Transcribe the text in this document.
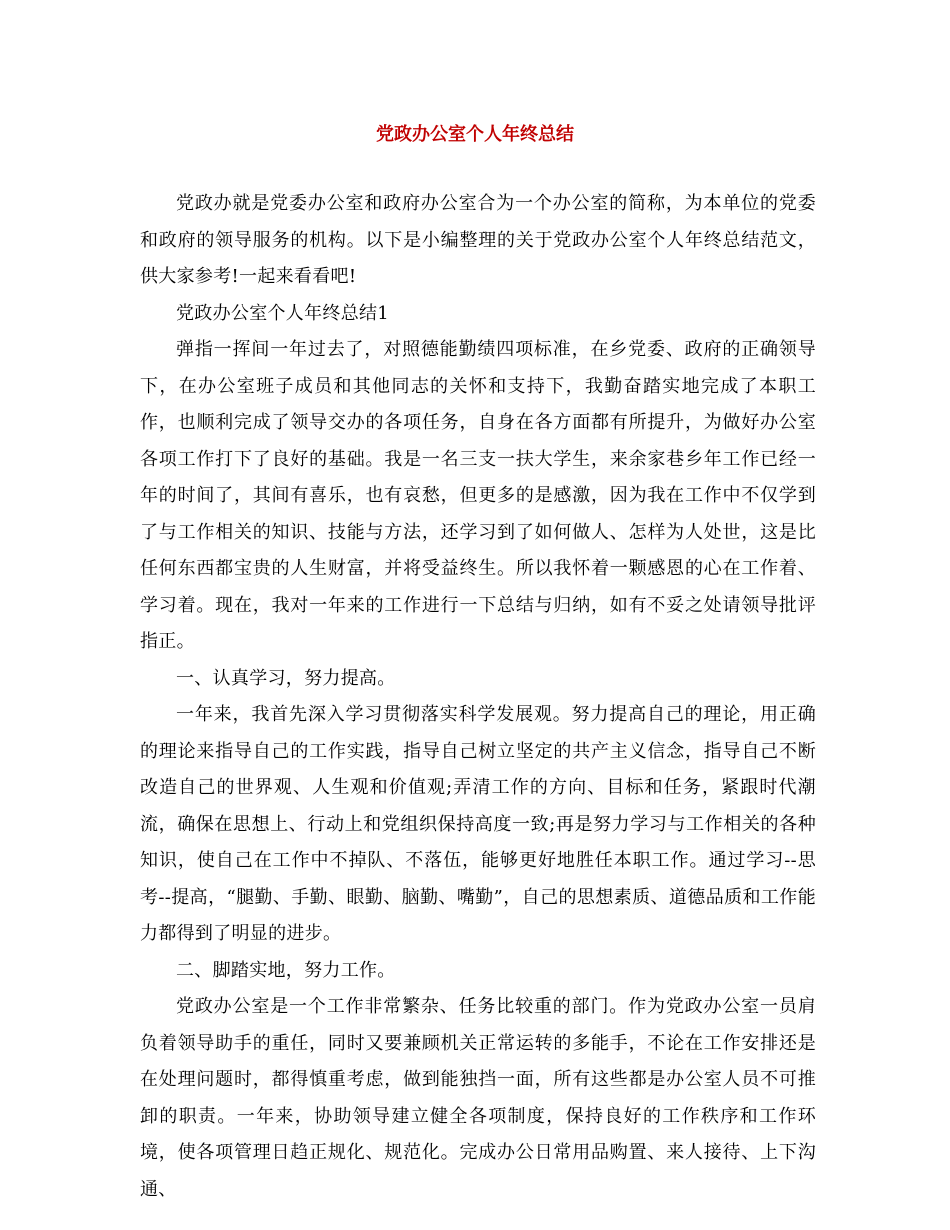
党政办公室个人年终总结

党政办就是党委办公室和政府办公室合为一个办公室的简称，为本单位的党委和政府的领导服务的机构。以下是小编整理的关于党政办公室个人年终总结范文，供大家参考!一起来看看吧!

党政办公室个人年终总结1

弹指一挥间一年过去了，对照德能勤绩四项标准，在乡党委、政府的正确领导下，在办公室班子成员和其他同志的关怀和支持下，我勤奋踏实地完成了本职工作，也顺利完成了领导交办的各项任务，自身在各方面都有所提升，为做好办公室各项工作打下了良好的基础。我是一名三支一扶大学生，来余家巷乡年工作已经一年的时间了，其间有喜乐，也有哀愁，但更多的是感激，因为我在工作中不仅学到了与工作相关的知识、技能与方法，还学习到了如何做人、怎样为人处世，这是比任何东西都宝贵的人生财富，并将受益终生。所以我怀着一颗感恩的心在工作着、学习着。现在，我对一年来的工作进行一下总结与归纳，如有不妥之处请领导批评指正。

一、认真学习，努力提高。

一年来，我首先深入学习贯彻落实科学发展观。努力提高自己的理论，用正确的理论来指导自己的工作实践，指导自己树立坚定的共产主义信念，指导自己不断改造自己的世界观、人生观和价值观;弄清工作的方向、目标和任务，紧跟时代潮流，确保在思想上、行动上和党组织保持高度一致;再是努力学习与工作相关的各种知识，使自己在工作中不掉队、不落伍，能够更好地胜任本职工作。通过学习--思考--提高，“腿勤、手勤、眼勤、脑勤、嘴勤”，自己的思想素质、道德品质和工作能力都得到了明显的进步。

二、脚踏实地，努力工作。

党政办公室是一个工作非常繁杂、任务比较重的部门。作为党政办公室一员肩负着领导助手的重任，同时又要兼顾机关正常运转的多能手，不论在工作安排还是在处理问题时，都得慎重考虑，做到能独挡一面，所有这些都是办公室人员不可推卸的职责。一年来，协助领导建立健全各项制度，保持良好的工作秩序和工作环境，使各项管理日趋正规化、规范化。完成办公日常用品购置、来人接待、上下沟通、
